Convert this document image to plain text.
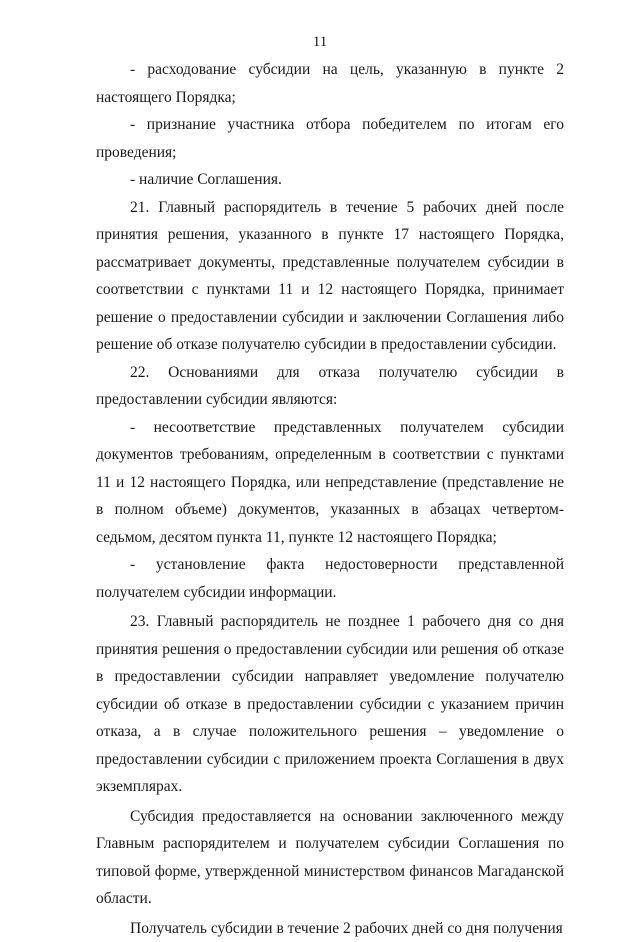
11

- расходование субсидии на цель, указанную в пункте 2 настоящего Порядка;

- признание участника отбора победителем по итогам его проведения;

- наличие Соглашения.

21. Главный распорядитель в течение 5 рабочих дней после принятия решения, указанного в пункте 17 настоящего Порядка, рассматривает документы, представленные получателем субсидии в соответствии с пунктами 11 и 12 настоящего Порядка, принимает решение о предоставлении субсидии и заключении Соглашения либо решение об отказе получателю субсидии в предоставлении субсидии.

22. Основаниями для отказа получателю субсидии в предоставлении субсидии являются:

- несоответствие представленных получателем субсидии документов требованиям, определенным в соответствии с пунктами 11 и 12 настоящего Порядка, или непредставление (представление не в полном объеме) документов, указанных в абзацах четвертом-седьмом, десятом пункта 11, пункте 12 настоящего Порядка;

- установление факта недостоверности представленной получателем субсидии информации.

23. Главный распорядитель не позднее 1 рабочего дня со дня принятия решения о предоставлении субсидии или решения об отказе в предоставлении субсидии направляет уведомление получателю субсидии об отказе в предоставлении субсидии с указанием причин отказа, а в случае положительного решения – уведомление о предоставлении субсидии с приложением проекта Соглашения в двух экземплярах.

Субсидия предоставляется на основании заключенного между Главным распорядителем и получателем субсидии Соглашения по типовой форме, утвержденной министерством финансов Магаданской области.

Получатель субсидии в течение 2 рабочих дней со дня получения
